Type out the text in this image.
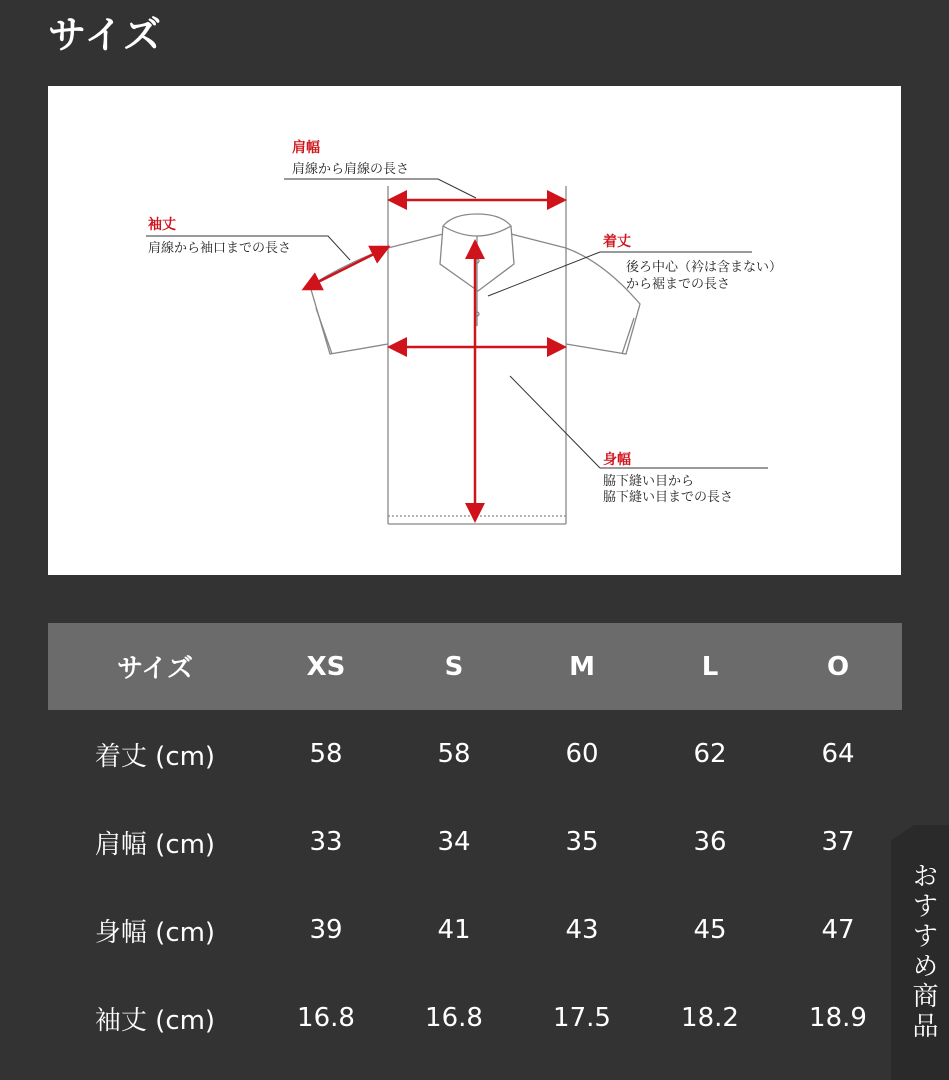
サイズ
肩幅
肩線から肩線の長さ
袖丈
肩線から袖口までの長さ	着丈
後ろ中心（衿は含まない）
から裾までの長さ
身幅
脇下縫い目から
脇下縫い目までの長さ
サイズ	XS	S	M	L	O
着丈 (cm)	58	58	60	62	64
肩幅 (cm)	33	34	35	36	37
身幅 (cm)	39	41	43	45	47
袖丈 (cm)	16.8	16.8	17.5	18.2	18.9 おすすめ商品
